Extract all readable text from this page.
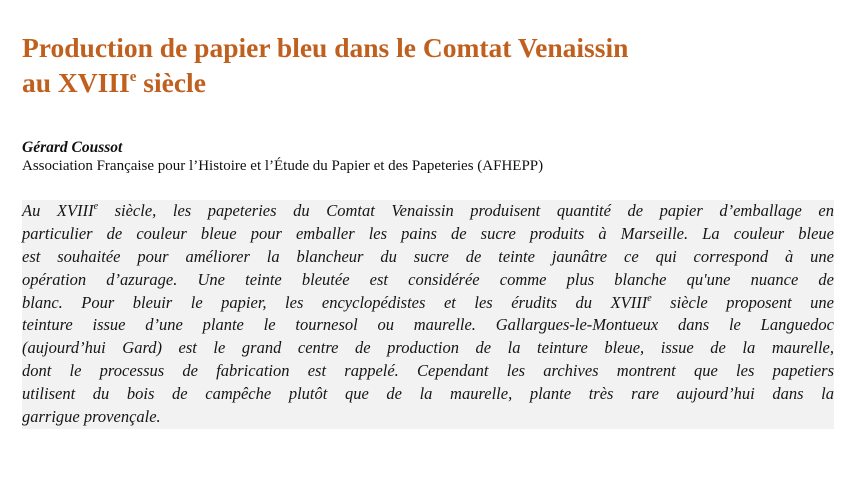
Production de papier bleu dans le Comtat Venaissin
au XVIIIe siècle
Gérard Coussot
Association Française pour l’Histoire et l’Étude du Papier et des Papeteries (AFHEPP)
Au XVIIIe siècle, les papeteries du Comtat Venaissin produisent quantité de papier d’emballage en
particulier de couleur bleue pour emballer les pains de sucre produits à Marseille. La couleur bleue
est souhaitée pour améliorer la blancheur du sucre de teinte jaunâtre ce qui correspond à une
opération d’azurage. Une teinte bleutée est considérée comme plus blanche qu'une nuance de
blanc. Pour bleuir le papier, les encyclopédistes et les érudits du XVIIIe siècle proposent une
teinture issue d’une plante le tournesol ou maurelle. Gallargues-le-Montueux dans le Languedoc
(aujourd’hui Gard) est le grand centre de production de la teinture bleue, issue de la maurelle,
dont le processus de fabrication est rappelé. Cependant les archives montrent que les papetiers
utilisent du bois de campêche plutôt que de la maurelle, plante très rare aujourd’hui dans la
garrigue provençale.
